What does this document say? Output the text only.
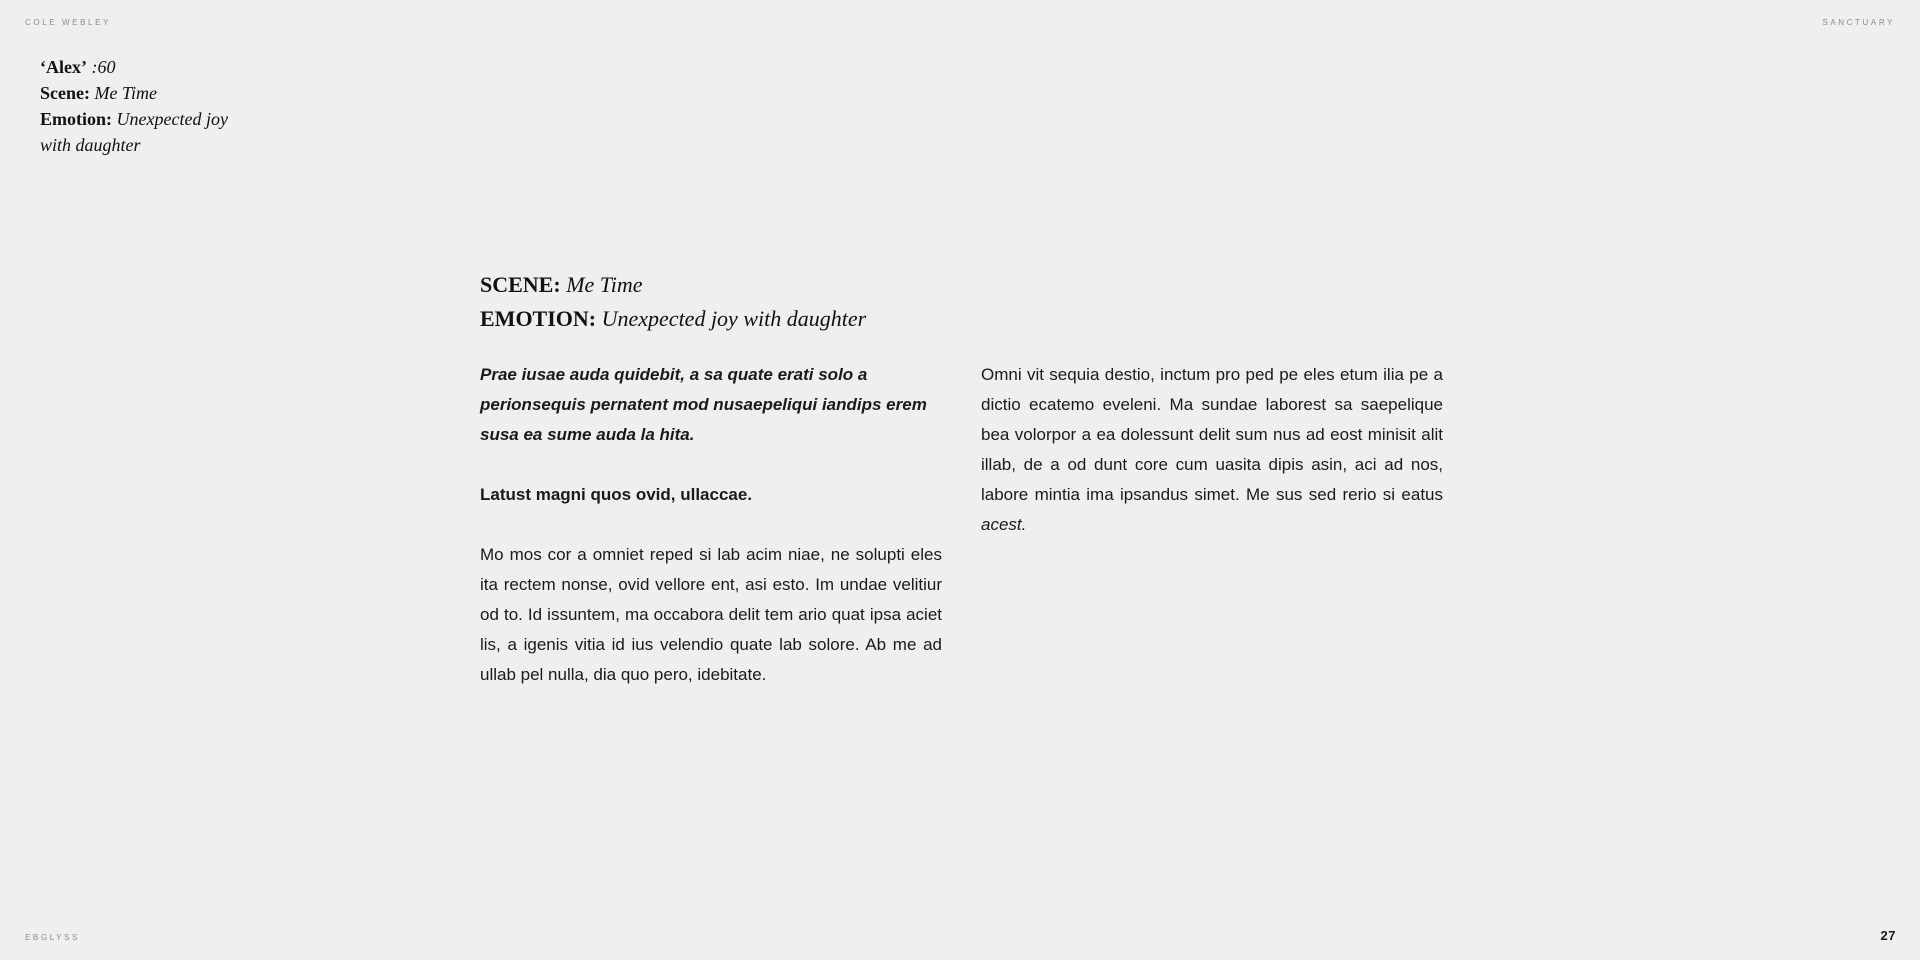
COLE WEBLEY	SANCTUARY
EBGLYSS	27
‘Alex’ :60
Scene: Me Time
Emotion: Unexpected joy with daughter
SCENE: Me Time
EMOTION: Unexpected joy with daughter

Prae iusae auda quidebit, a sa quate erati solo a perionsequis pernatent mod nusaepeliqui iandips erem susa ea sume auda la hita.

Latust magni quos ovid, ullaccae.

Mo mos cor a omniet reped si lab acim niae, ne solupti eles ita rectem nonse, ovid vellore ent, asi esto. Im undae velitiur od to. Id issuntem, ma occabora delit tem ario quat ipsa aciet lis, a igenis vitia id ius velendio quate lab solore. Ab me ad ullab pel nulla, dia quo pero, idebitate.

Omni vit sequia destio, inctum pro ped pe eles etum ilia pe a dictio ecatemo eveleni. Ma sundae laborest sa saepelique bea volorpor a ea dolessunt delit sum nus ad eost minisit alit illab, de a od dunt core cum uasita dipis asin, aci ad nos, labore mintia ima ipsandus simet. Me sus sed rerio si eatus acest.
